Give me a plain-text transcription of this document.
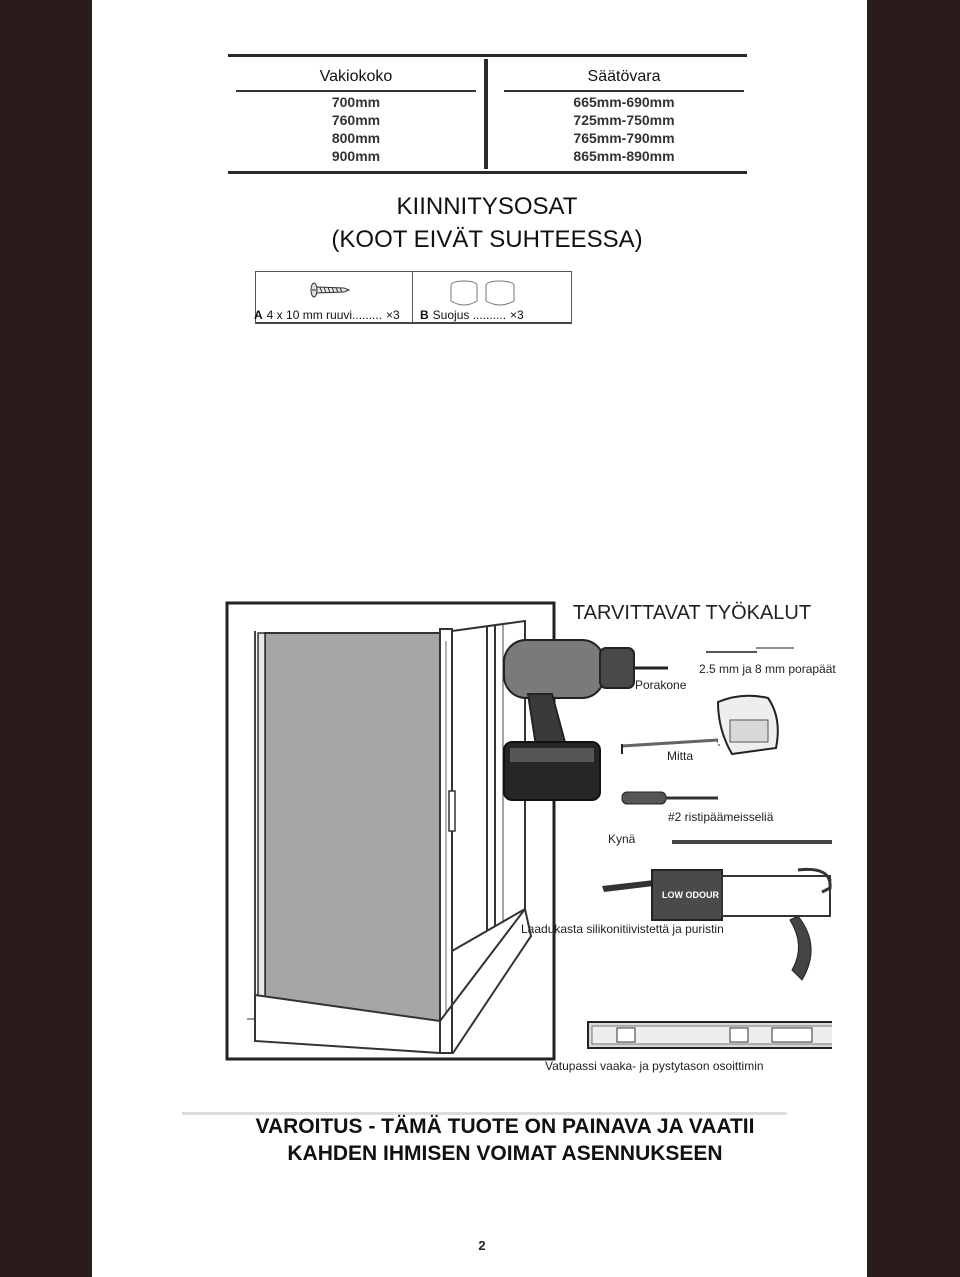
Vakiokoko
700mm
760mm
800mm
900mm
Säätövara
665mm-690mm
725mm-750mm
765mm-790mm
865mm-890mm
KIINNITYSOSAT
(KOOT EIVÄT SUHTEESSA)
A 4 x 10 mm ruuvi......... ×3 B Suojus .......... ×3
TARVITTAVAT TYÖKALUT
LOW ODOUR NEUTRAL SILICONE
Porakone
2.5 mm ja 8 mm porapäät
Mitta
#2 ristipäämeisseliä
Kynä
Laadukasta silikonitiivistettä ja puristin
Vatupassi vaaka- ja pystytason osoittimin
VAROITUS - TÄMÄ TUOTE ON PAINAVA JA VAATII
KAHDEN IHMISEN VOIMAT ASENNUKSEEN
2
